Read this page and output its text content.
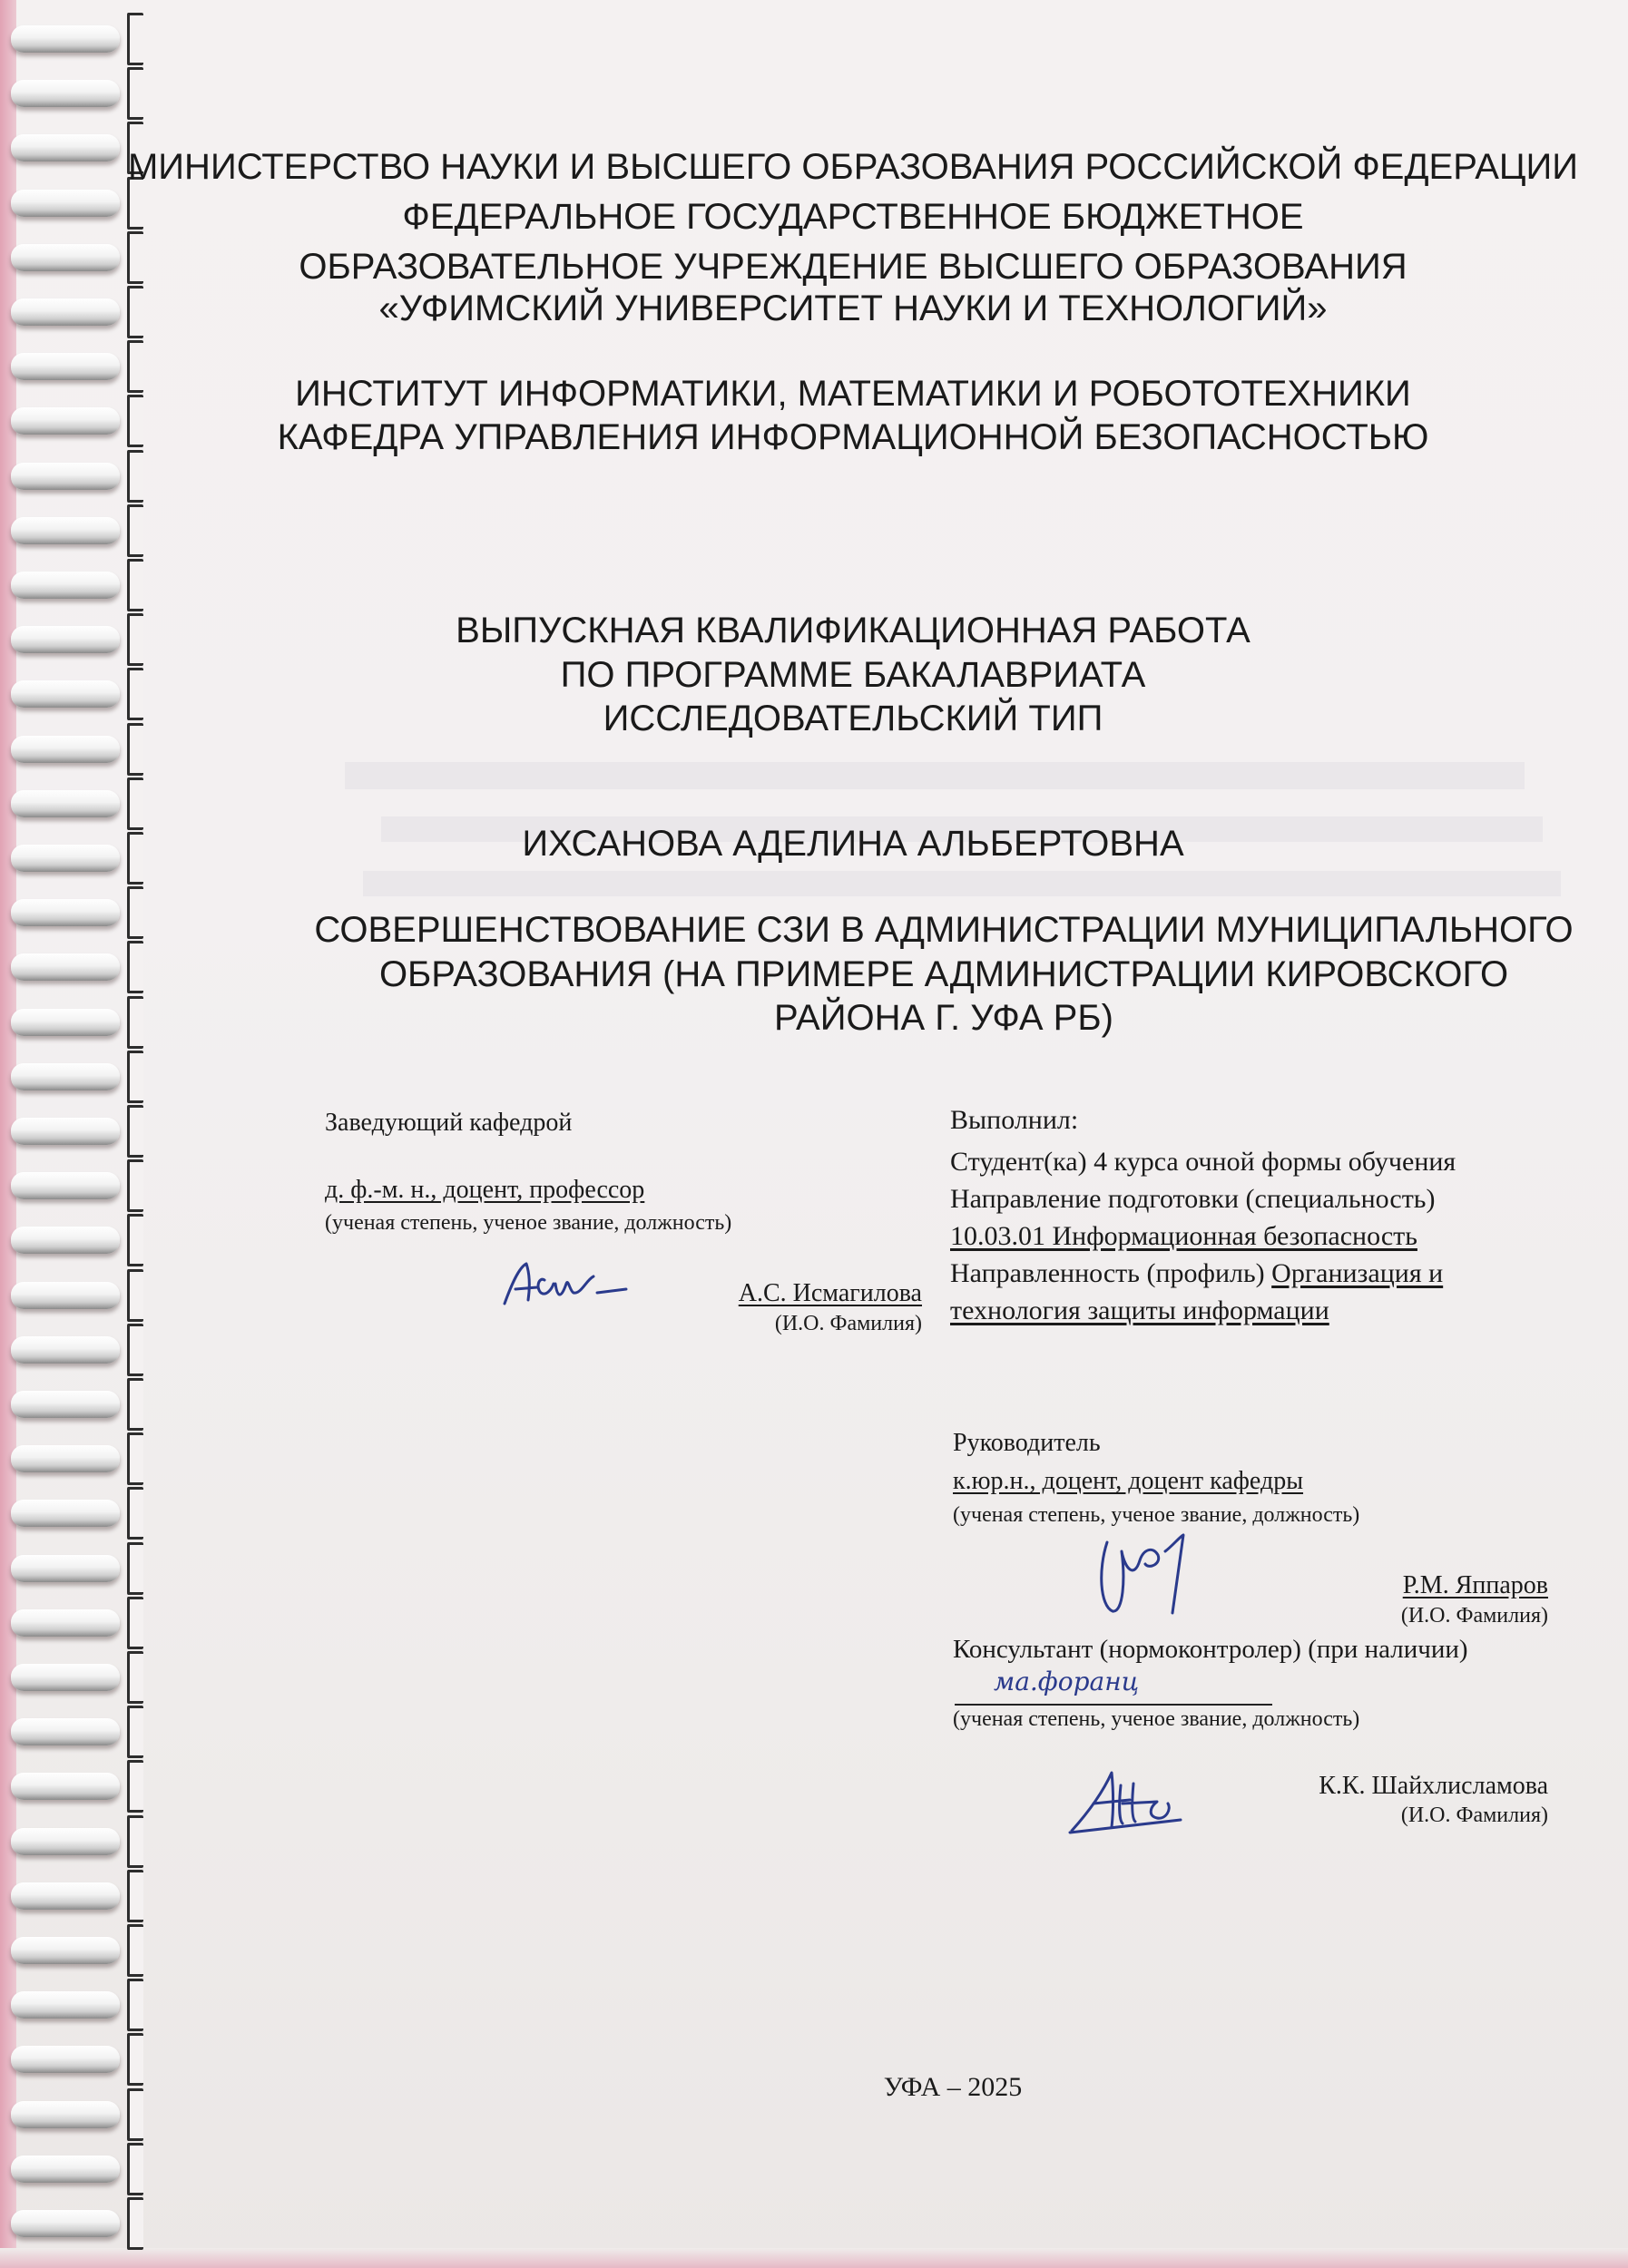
МИНИСТЕРСТВО НАУКИ И ВЫСШЕГО ОБРАЗОВАНИЯ РОССИЙСКОЙ ФЕДЕРАЦИИ
ФЕДЕРАЛЬНОЕ ГОСУДАРСТВЕННОЕ БЮДЖЕТНОЕ
ОБРАЗОВАТЕЛЬНОЕ УЧРЕЖДЕНИЕ ВЫСШЕГО ОБРАЗОВАНИЯ
«УФИМСКИЙ УНИВЕРСИТЕТ НАУКИ И ТЕХНОЛОГИЙ»
ИНСТИТУТ ИНФОРМАТИКИ, МАТЕМАТИКИ И РОБОТОТЕХНИКИ
КАФЕДРА УПРАВЛЕНИЯ ИНФОРМАЦИОННОЙ БЕЗОПАСНОСТЬЮ
ВЫПУСКНАЯ КВАЛИФИКАЦИОННАЯ РАБОТА
ПО ПРОГРАММЕ БАКАЛАВРИАТА
ИССЛЕДОВАТЕЛЬСКИЙ ТИП
ИХСАНОВА АДЕЛИНА АЛЬБЕРТОВНА
СОВЕРШЕНСТВОВАНИЕ СЗИ В АДМИНИСТРАЦИИ МУНИЦИПАЛЬНОГО
ОБРАЗОВАНИЯ (НА ПРИМЕРЕ АДМИНИСТРАЦИИ КИРОВСКОГО
РАЙОНА Г. УФА РБ)
Заведующий кафедрой
д. ф.-м. н., доцент, профессор
(ученая степень, ученое звание, должность)
А.С. Исмагилова
(И.О. Фамилия)
Выполнил:
Студент(ка) 4 курса очной формы обучения
Направление подготовки (специальность)
10.03.01 Информационная безопасность
Направленность (профиль) Организация и
технология защиты информации
Руководитель
к.юр.н., доцент, доцент кафедры
(ученая степень, ученое звание, должность)
Р.М. Яппаров
(И.О. Фамилия)
Консультант (нормоконтролер) (при наличии)
ма.форанц
(ученая степень, ученое звание, должность)
К.К. Шайхлисламова
(И.О. Фамилия)
УФА – 2025
